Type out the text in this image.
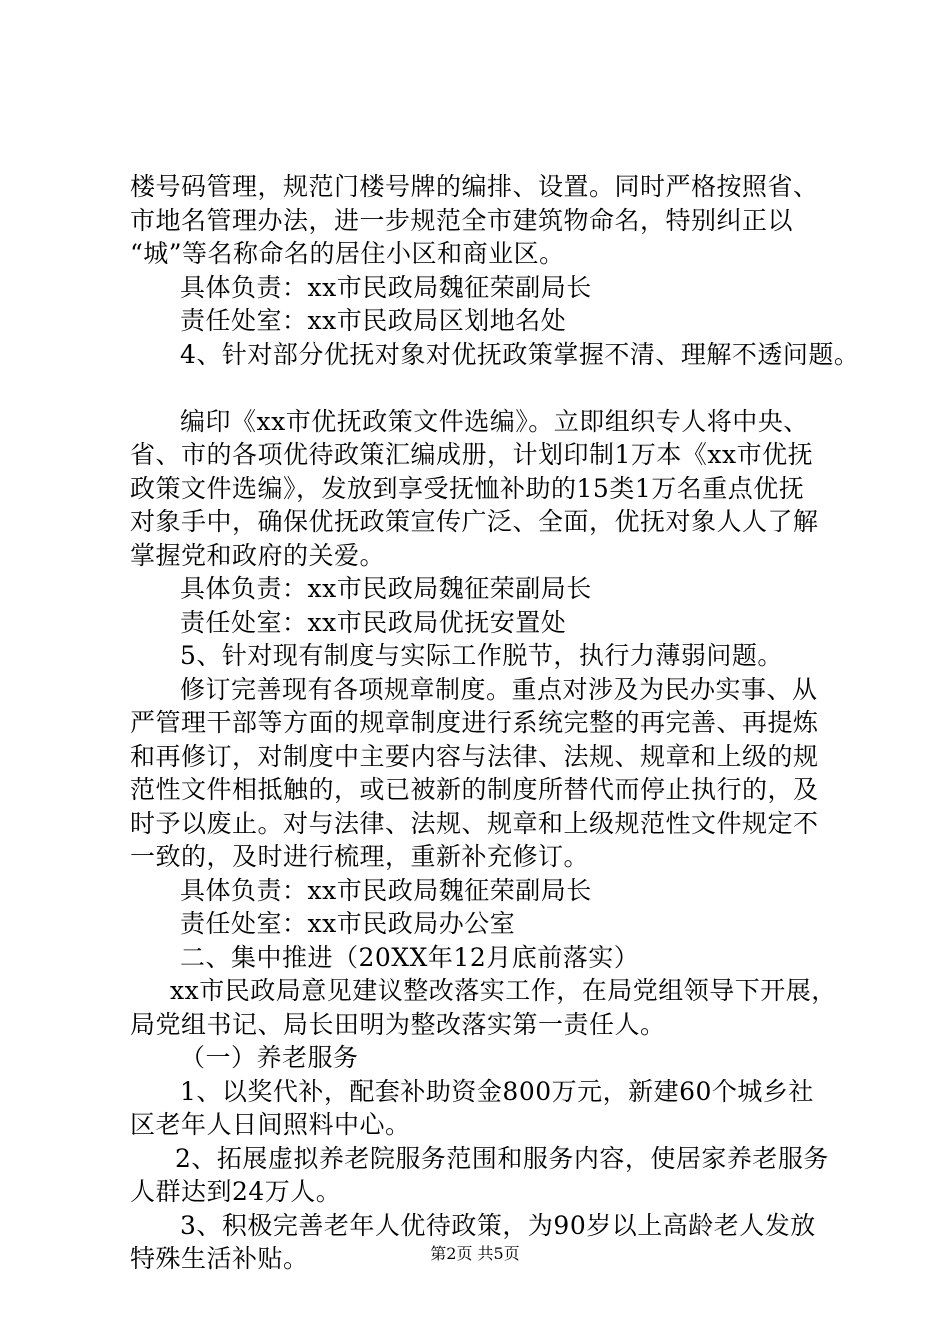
楼号码管理，规范门楼号牌的编排、设置。同时严格按照省、
市地名管理办法，进一步规范全市建筑物命名，特别纠正以
“城”等名称命名的居住小区和商业区。
具体负责：xx市民政局魏征荣副局长
责任处室：xx市民政局区划地名处
4、针对部分优抚对象对优抚政策掌握不清、理解不透问题。
编印《xx市优抚政策文件选编》。立即组织专人将中央、
省、市的各项优待政策汇编成册，计划印制1万本《xx市优抚
政策文件选编》，发放到享受抚恤补助的15类1万名重点优抚
对象手中，确保优抚政策宣传广泛、全面，优抚对象人人了解
掌握党和政府的关爱。
具体负责：xx市民政局魏征荣副局长
责任处室：xx市民政局优抚安置处
5、针对现有制度与实际工作脱节，执行力薄弱问题。
修订完善现有各项规章制度。重点对涉及为民办实事、从
严管理干部等方面的规章制度进行系统完整的再完善、再提炼
和再修订，对制度中主要内容与法律、法规、规章和上级的规
范性文件相抵触的，或已被新的制度所替代而停止执行的，及
时予以废止。对与法律、法规、规章和上级规范性文件规定不
一致的，及时进行梳理，重新补充修订。
具体负责：xx市民政局魏征荣副局长
责任处室：xx市民政局办公室
二、集中推进（20XX年12月底前落实）
xx市民政局意见建议整改落实工作，在局党组领导下开展，
局党组书记、局长田明为整改落实第一责任人。
（一）养老服务
1、以奖代补，配套补助资金800万元，新建60个城乡社
区老年人日间照料中心。
2、拓展虚拟养老院服务范围和服务内容，使居家养老服务
人群达到24万人。
3、积极完善老年人优待政策，为90岁以上高龄老人发放
特殊生活补贴。	第2页 共5页
